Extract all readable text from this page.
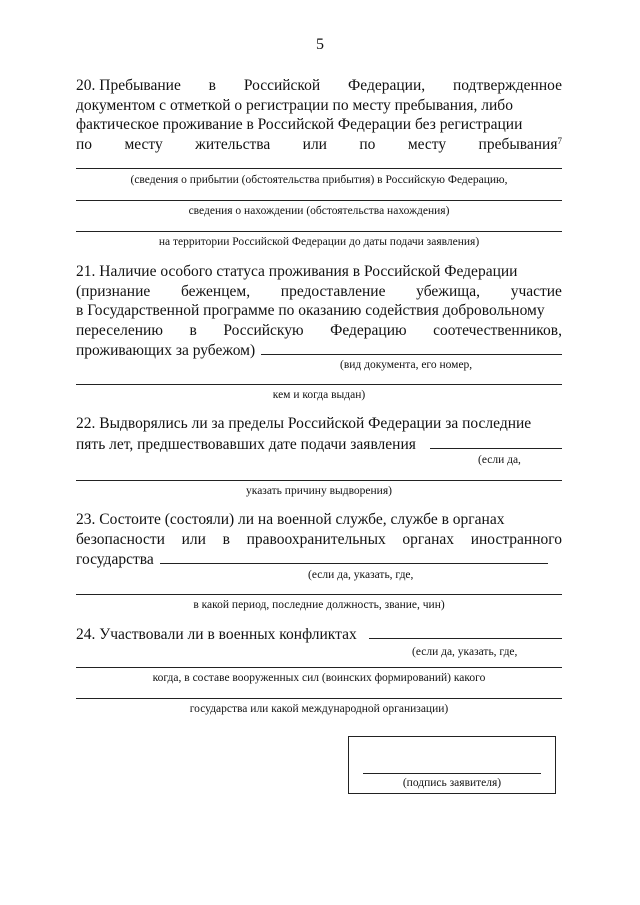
5
20. Пребывание в Российской Федерации, подтвержденное
документом с отметкой о регистрации по месту пребывания, либо
фактическое проживание в Российской Федерации без регистрации
по месту жительства или по месту пребывания$^7$
(сведения о прибытии (обстоятельства прибытия) в Российскую Федерацию,
сведения о нахождении (обстоятельства нахождения)
на территории Российской Федерации до даты подачи заявления)
21. Наличие особого статуса проживания в Российской Федерации
(признание беженцем, предоставление убежища, участие
в Государственной программе по оказанию содействия добровольному
переселению в Российскую Федерацию соотечественников,
проживающих за рубежом)
(вид документа, его номер,
кем и когда выдан)
22. Выдворялись ли за пределы Российской Федерации за последние
пять лет, предшествовавших дате подачи заявления
(если да,
указать причину выдворения)
23. Состоите (состояли) ли на военной службе, службе в органах
безопасности или в правоохранительных органах иностранного
государства
(если да, указать, где,
в какой период, последние должность, звание, чин)
24. Участвовали ли в военных конфликтах
(если да, указать, где,
когда, в составе вооруженных сил (воинских формирований) какого
государства или какой международной организации)
(подпись заявителя)
